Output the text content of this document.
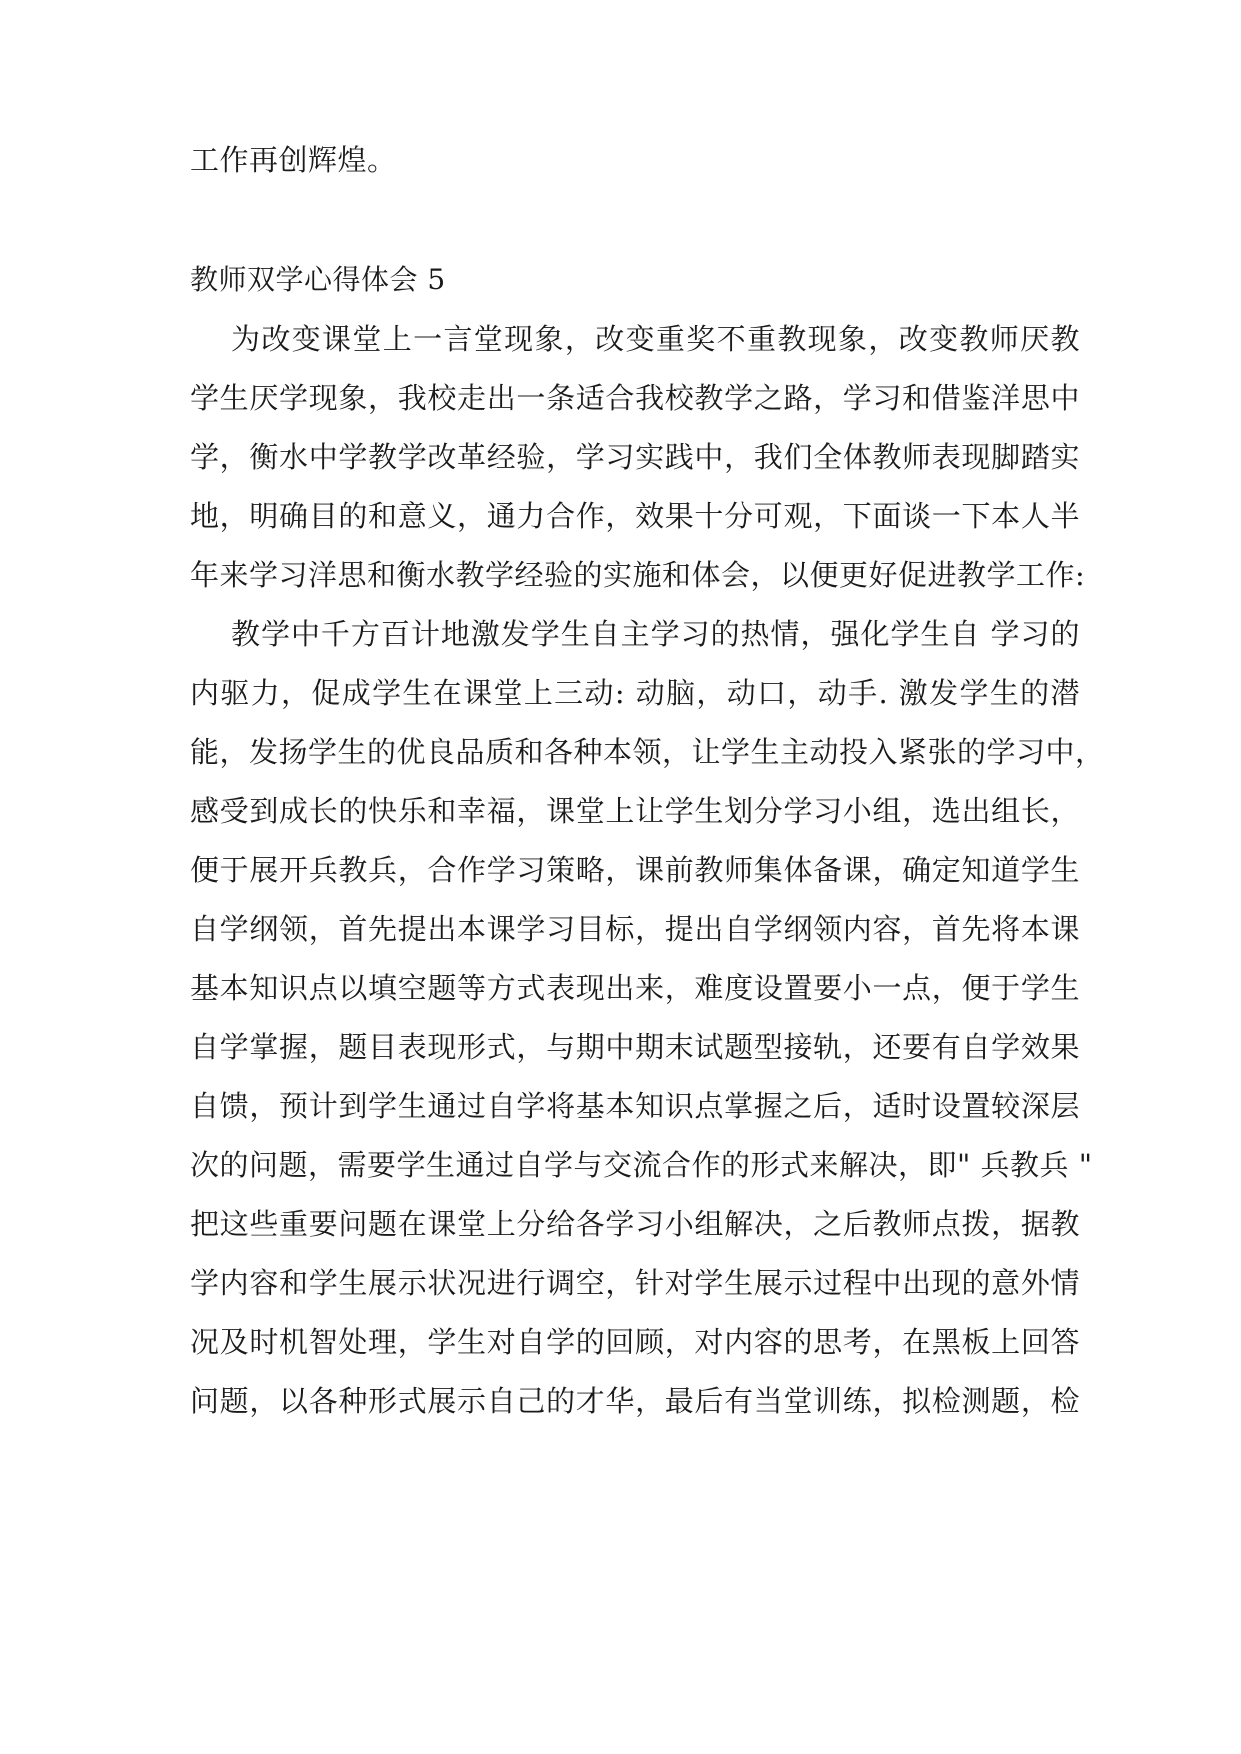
工作再创辉煌。
教师双学心得体会 5
为改变课堂上一言堂现象，改变重奖不重教现象，改变教师厌教
学生厌学现象，我校走出一条适合我校教学之路，学习和借鉴洋思中
学，衡水中学教学改革经验，学习实践中，我们全体教师表现脚踏实
地，明确目的和意义，通力合作，效果十分可观，下面谈一下本人半
年来学习洋思和衡水教学经验的实施和体会，以便更好促进教学工作:
教学中千方百计地激发学生自主学习的热情，强化学生自 学习的
内驱力，促成学生在课堂上三动: 动脑，动口，动手. 激发学生的潜
能，发扬学生的优良品质和各种本领，让学生主动投入紧张的学习中，
感受到成长的快乐和幸福，课堂上让学生划分学习小组，选出组长，
便于展开兵教兵，合作学习策略，课前教师集体备课，确定知道学生
自学纲领，首先提出本课学习目标，提出自学纲领内容，首先将本课
基本知识点以填空题等方式表现出来，难度设置要小一点，便于学生
自学掌握，题目表现形式，与期中期末试题型接轨，还要有自学效果
自馈，预计到学生通过自学将基本知识点掌握之后，适时设置较深层
次的问题，需要学生通过自学与交流合作的形式来解决，即" 兵教兵 "
把这些重要问题在课堂上分给各学习小组解决，之后教师点拨，据教
学内容和学生展示状况进行调空，针对学生展示过程中出现的意外情
况及时机智处理，学生对自学的回顾，对内容的思考，在黑板上回答
问题，以各种形式展示自己的才华，最后有当堂训练，拟检测题，检
